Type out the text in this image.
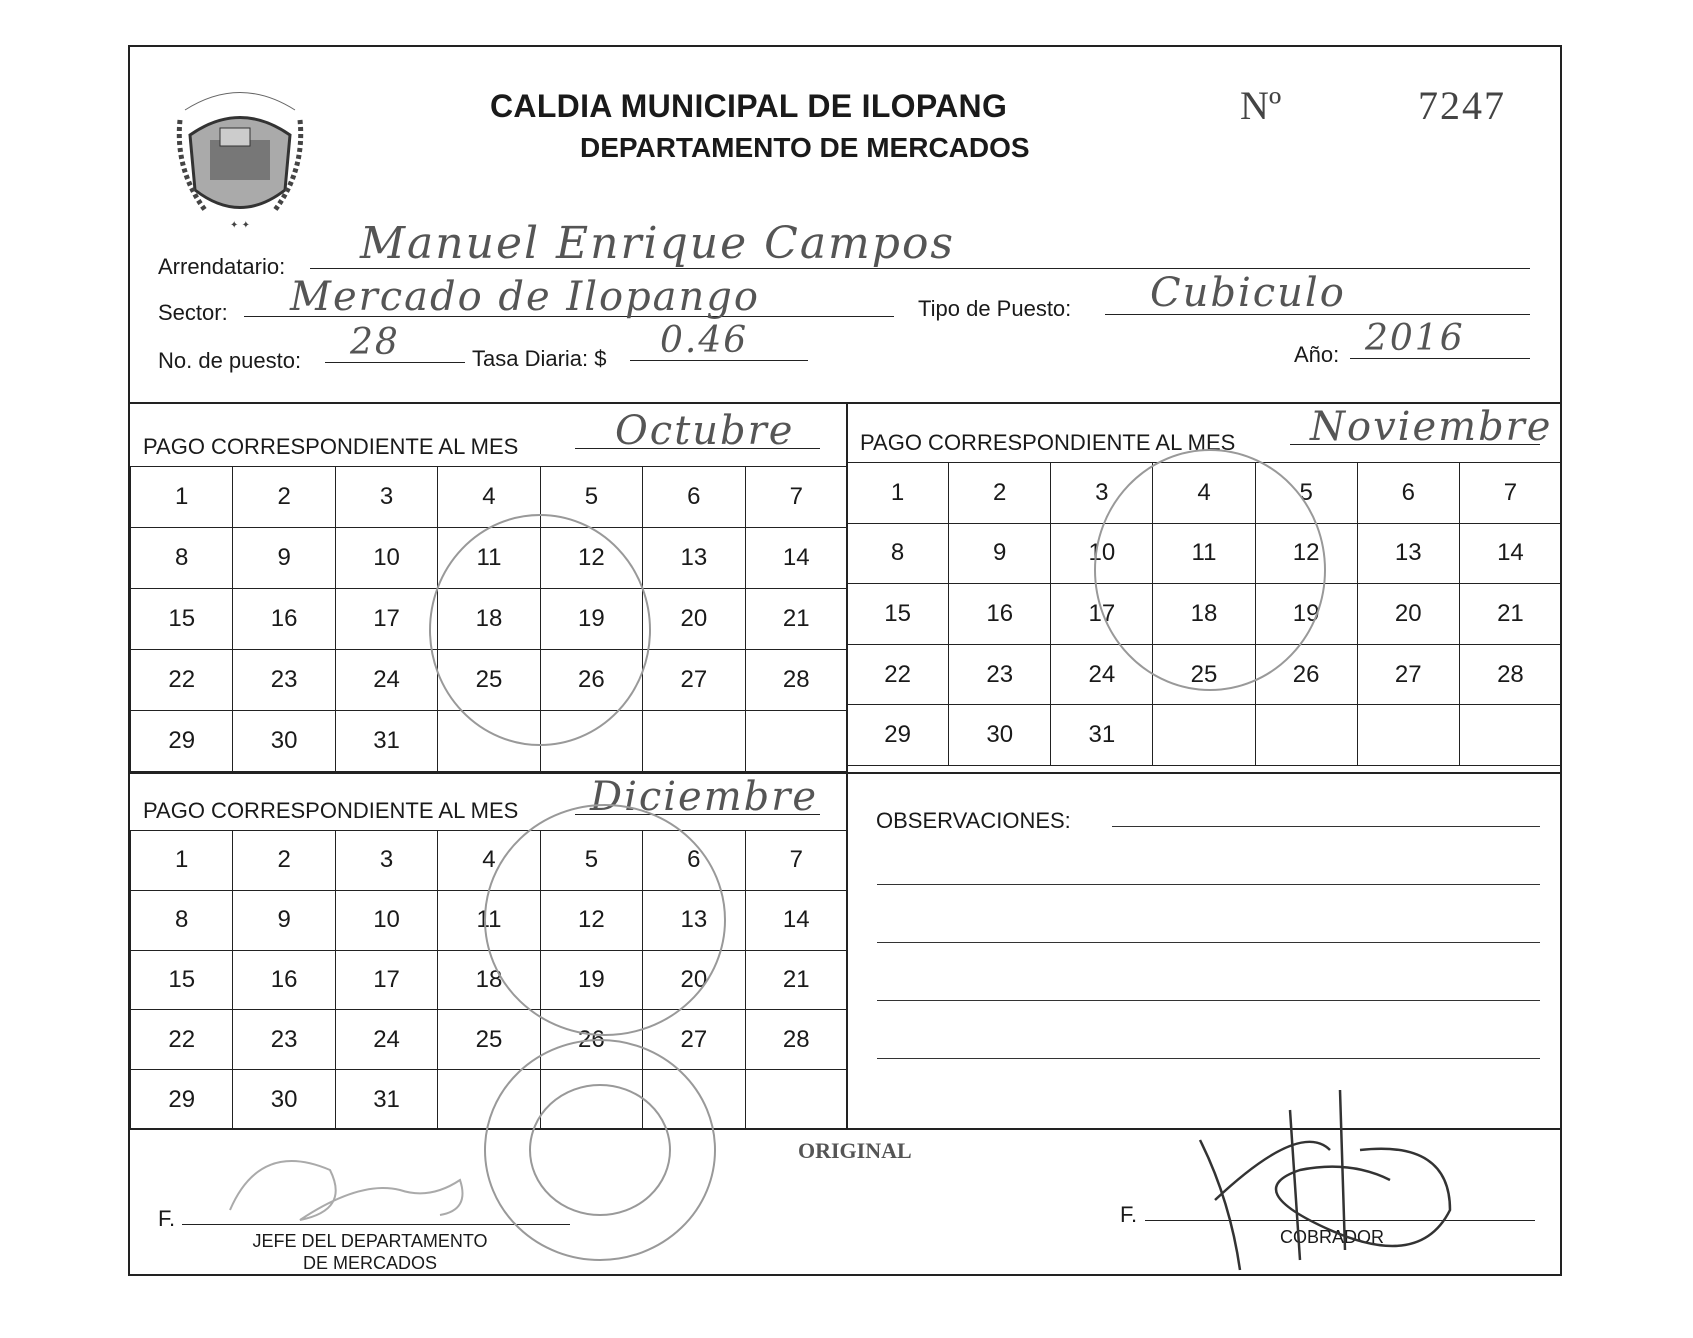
✦ ✦
CALDIA MUNICIPAL DE ILOPANG
DEPARTAMENTO DE MERCADOS
Nº	7247
Arrendatario: Manuel Enrique Campos
Sector: Mercado de Ilopango	Tipo de Puesto: Cubiculo
No. de puesto: 28	Tasa Diaria: $ 0.46	Año: 2016
PAGO CORRESPONDIENTE AL MES Octubre
1	2	3	4	5	6	7
8	9	10	11	12	13	14
15	16	17	18	19	20	21
22	23	24	25	26	27	28
29	30	31				
PAGO CORRESPONDIENTE AL MES Noviembre
1	2	3	4	5	6	7
8	9	10	11	12	13	14
15	16	17	18	19	20	21
22	23	24	25	26	27	28
29	30	31				
PAGO CORRESPONDIENTE AL MES Diciembre
1	2	3	4	5	6	7
8	9	10	11	12	13	14
15	16	17	18	19	20	21
22	23	24	25	26	27	28
29	30	31				
OBSERVACIONES:
ORIGINAL
F.
JEFE DEL DEPARTAMENTO
DE MERCADOS
F.
COBRADOR
